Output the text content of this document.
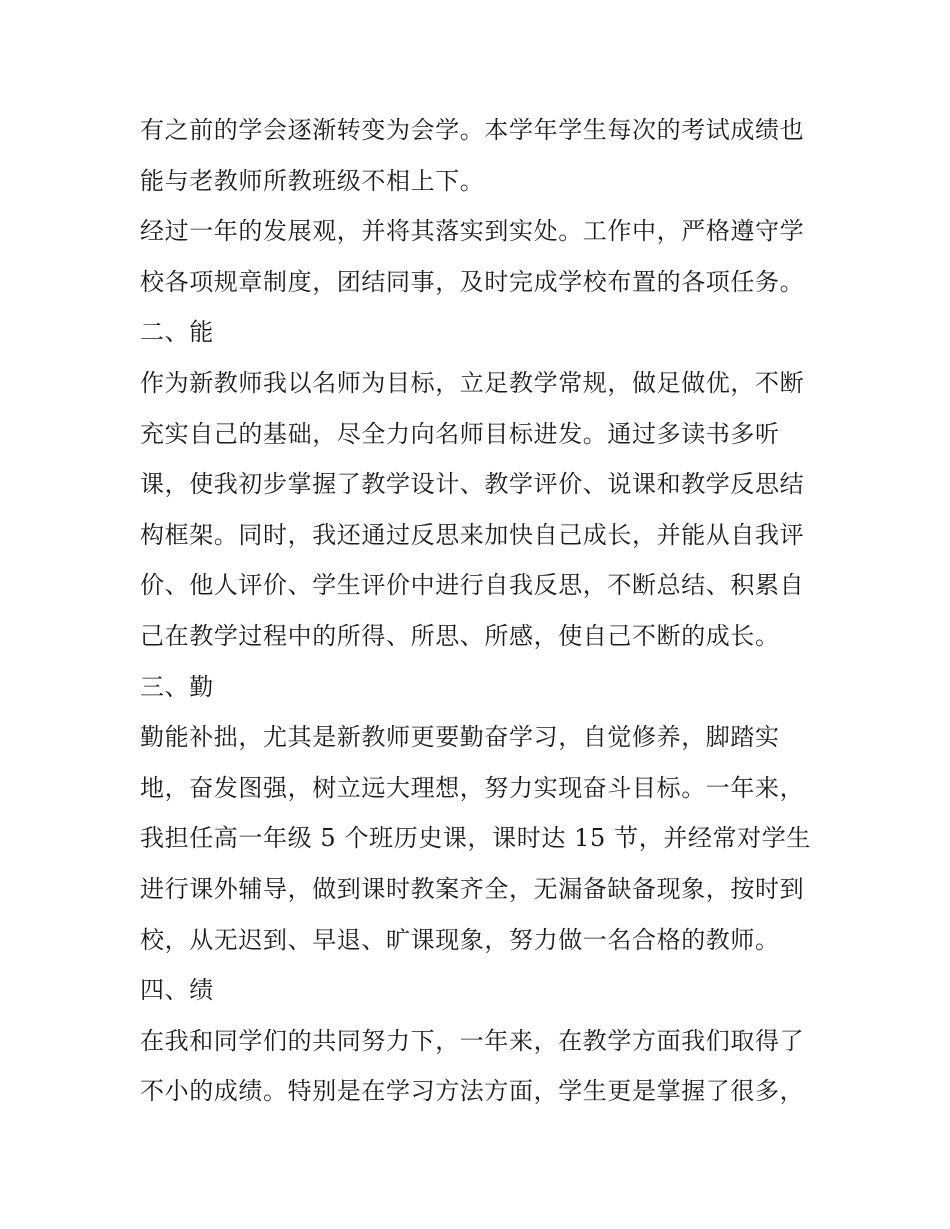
有之前的学会逐渐转变为会学。本学年学生每次的考试成绩也
能与老教师所教班级不相上下。
经过一年的发展观，并将其落实到实处。工作中，严格遵守学
校各项规章制度，团结同事，及时完成学校布置的各项任务。
二、能
作为新教师我以名师为目标，立足教学常规，做足做优，不断
充实自己的基础，尽全力向名师目标进发。通过多读书多听
课，使我初步掌握了教学设计、教学评价、说课和教学反思结
构框架。同时，我还通过反思来加快自己成长，并能从自我评
价、他人评价、学生评价中进行自我反思，不断总结、积累自
己在教学过程中的所得、所思、所感，使自己不断的成长。
三、勤
勤能补拙，尤其是新教师更要勤奋学习，自觉修养，脚踏实
地，奋发图强，树立远大理想，努力实现奋斗目标。一年来，
我担任高一年级 5 个班历史课，课时达 15 节，并经常对学生
进行课外辅导，做到课时教案齐全，无漏备缺备现象，按时到
校，从无迟到、早退、旷课现象，努力做一名合格的教师。
四、绩
在我和同学们的共同努力下，一年来，在教学方面我们取得了
不小的成绩。特别是在学习方法方面，学生更是掌握了很多，
